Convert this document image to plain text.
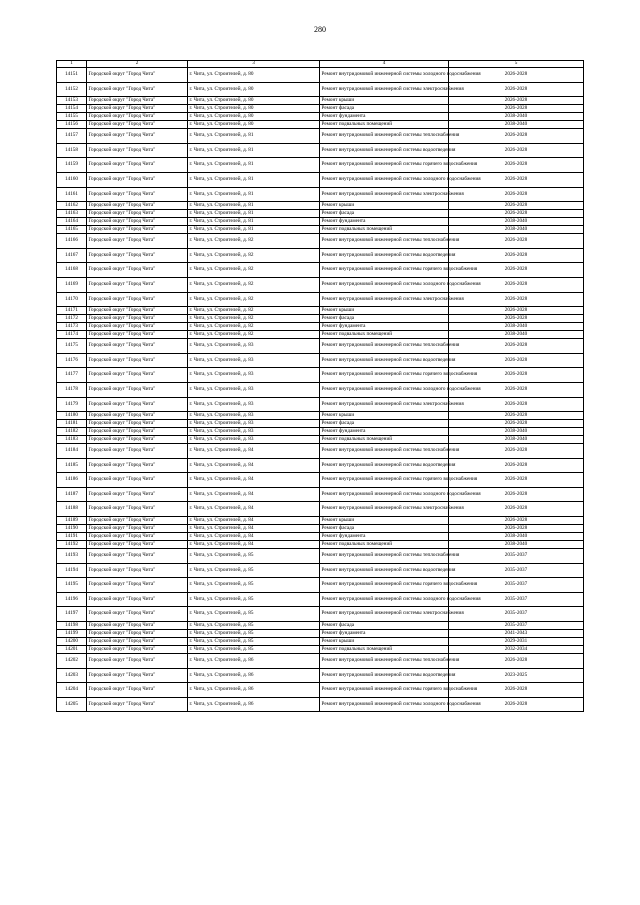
280
1	2	3	4	5
14151	Городской округ "Город Чита"	г. Чита, ул. Строителей, д. 80	Ремонт внутридомовой инженерной системы холодного водоснабжения	2026-2028
14152	Городской округ "Город Чита"	г. Чита, ул. Строителей, д. 80	Ремонт внутридомовой инженерной системы электроснабжения	2026-2028
14153	Городской округ "Город Чита"	г. Чита, ул. Строителей, д. 80	Ремонт крыши	2026-2028
14154	Городской округ "Город Чита"	г. Чита, ул. Строителей, д. 80	Ремонт фасада	2026-2028
14155	Городской округ "Город Чита"	г. Чита, ул. Строителей, д. 80	Ремонт фундамента	2038-2040
14156	Городской округ "Город Чита"	г. Чита, ул. Строителей, д. 80	Ремонт подвальных помещений	2038-2040
14157	Городской округ "Город Чита"	г. Чита, ул. Строителей, д. 81	Ремонт внутридомовой инженерной системы теплоснабжения	2026-2028
14158	Городской округ "Город Чита"	г. Чита, ул. Строителей, д. 81	Ремонт внутридомовой инженерной системы водоотведения	2026-2028
14159	Городской округ "Город Чита"	г. Чита, ул. Строителей, д. 81	Ремонт внутридомовой инженерной системы горячего водоснабжения	2026-2028
14160	Городской округ "Город Чита"	г. Чита, ул. Строителей, д. 81	Ремонт внутридомовой инженерной системы холодного водоснабжения	2026-2028
14161	Городской округ "Город Чита"	г. Чита, ул. Строителей, д. 81	Ремонт внутридомовой инженерной системы электроснабжения	2026-2028
14162	Городской округ "Город Чита"	г. Чита, ул. Строителей, д. 81	Ремонт крыши	2026-2028
14163	Городской округ "Город Чита"	г. Чита, ул. Строителей, д. 81	Ремонт фасада	2026-2028
14164	Городской округ "Город Чита"	г. Чита, ул. Строителей, д. 81	Ремонт фундамента	2038-2040
14165	Городской округ "Город Чита"	г. Чита, ул. Строителей, д. 81	Ремонт подвальных помещений	2038-2040
14166	Городской округ "Город Чита"	г. Чита, ул. Строителей, д. 82	Ремонт внутридомовой инженерной системы теплоснабжения	2026-2028
14167	Городской округ "Город Чита"	г. Чита, ул. Строителей, д. 82	Ремонт внутридомовой инженерной системы водоотведения	2026-2028
14168	Городской округ "Город Чита"	г. Чита, ул. Строителей, д. 82	Ремонт внутридомовой инженерной системы горячего водоснабжения	2026-2028
14169	Городской округ "Город Чита"	г. Чита, ул. Строителей, д. 82	Ремонт внутридомовой инженерной системы холодного водоснабжения	2026-2028
14170	Городской округ "Город Чита"	г. Чита, ул. Строителей, д. 82	Ремонт внутридомовой инженерной системы электроснабжения	2026-2028
14171	Городской округ "Город Чита"	г. Чита, ул. Строителей, д. 82	Ремонт крыши	2026-2028
14172	Городской округ "Город Чита"	г. Чита, ул. Строителей, д. 82	Ремонт фасада	2026-2028
14173	Городской округ "Город Чита"	г. Чита, ул. Строителей, д. 82	Ремонт фундамента	2038-2040
14174	Городской округ "Город Чита"	г. Чита, ул. Строителей, д. 82	Ремонт подвальных помещений	2038-2040
14175	Городской округ "Город Чита"	г. Чита, ул. Строителей, д. 83	Ремонт внутридомовой инженерной системы теплоснабжения	2026-2028
14176	Городской округ "Город Чита"	г. Чита, ул. Строителей, д. 83	Ремонт внутридомовой инженерной системы водоотведения	2026-2028
14177	Городской округ "Город Чита"	г. Чита, ул. Строителей, д. 83	Ремонт внутридомовой инженерной системы горячего водоснабжения	2026-2028
14178	Городской округ "Город Чита"	г. Чита, ул. Строителей, д. 83	Ремонт внутридомовой инженерной системы холодного водоснабжения	2026-2028
14179	Городской округ "Город Чита"	г. Чита, ул. Строителей, д. 83	Ремонт внутридомовой инженерной системы электроснабжения	2026-2028
14180	Городской округ "Город Чита"	г. Чита, ул. Строителей, д. 83	Ремонт крыши	2026-2028
14181	Городской округ "Город Чита"	г. Чита, ул. Строителей, д. 83	Ремонт фасада	2026-2028
14182	Городской округ "Город Чита"	г. Чита, ул. Строителей, д. 83	Ремонт фундамента	2038-2040
14183	Городской округ "Город Чита"	г. Чита, ул. Строителей, д. 83	Ремонт подвальных помещений	2038-2040
14184	Городской округ "Город Чита"	г. Чита, ул. Строителей, д. 84	Ремонт внутридомовой инженерной системы теплоснабжения	2026-2028
14185	Городской округ "Город Чита"	г. Чита, ул. Строителей, д. 84	Ремонт внутридомовой инженерной системы водоотведения	2026-2028
14186	Городской округ "Город Чита"	г. Чита, ул. Строителей, д. 84	Ремонт внутридомовой инженерной системы горячего водоснабжения	2026-2028
14187	Городской округ "Город Чита"	г. Чита, ул. Строителей, д. 84	Ремонт внутридомовой инженерной системы холодного водоснабжения	2026-2028
14188	Городской округ "Город Чита"	г. Чита, ул. Строителей, д. 84	Ремонт внутридомовой инженерной системы электроснабжения	2026-2028
14189	Городской округ "Город Чита"	г. Чита, ул. Строителей, д. 84	Ремонт крыши	2026-2028
14190	Городской округ "Город Чита"	г. Чита, ул. Строителей, д. 84	Ремонт фасада	2026-2028
14191	Городской округ "Город Чита"	г. Чита, ул. Строителей, д. 84	Ремонт фундамента	2038-2040
14192	Городской округ "Город Чита"	г. Чита, ул. Строителей, д. 84	Ремонт подвальных помещений	2038-2040
14193	Городской округ "Город Чита"	г. Чита, ул. Строителей, д. 85	Ремонт внутридомовой инженерной системы теплоснабжения	2035-2037
14194	Городской округ "Город Чита"	г. Чита, ул. Строителей, д. 85	Ремонт внутридомовой инженерной системы водоотведения	2035-2037
14195	Городской округ "Город Чита"	г. Чита, ул. Строителей, д. 85	Ремонт внутридомовой инженерной системы горячего водоснабжения	2035-2037
14196	Городской округ "Город Чита"	г. Чита, ул. Строителей, д. 85	Ремонт внутридомовой инженерной системы холодного водоснабжения	2035-2037
14197	Городской округ "Город Чита"	г. Чита, ул. Строителей, д. 85	Ремонт внутридомовой инженерной системы электроснабжения	2035-2037
14198	Городской округ "Город Чита"	г. Чита, ул. Строителей, д. 85	Ремонт фасада	2035-2037
14199	Городской округ "Город Чита"	г. Чита, ул. Строителей, д. 85	Ремонт фундамента	2041-2043
14200	Городской округ "Город Чита"	г. Чита, ул. Строителей, д. 85	Ремонт крыши	2029-2031
14201	Городской округ "Город Чита"	г. Чита, ул. Строителей, д. 85	Ремонт подвальных помещений	2032-2034
14202	Городской округ "Город Чита"	г. Чита, ул. Строителей, д. 86	Ремонт внутридомовой инженерной системы теплоснабжения	2026-2028
14203	Городской округ "Город Чита"	г. Чита, ул. Строителей, д. 86	Ремонт внутридомовой инженерной системы водоотведения	2023-2025
14204	Городской округ "Город Чита"	г. Чита, ул. Строителей, д. 86	Ремонт внутридомовой инженерной системы горячего водоснабжения	2026-2028
14205	Городской округ "Город Чита"	г. Чита, ул. Строителей, д. 86	Ремонт внутридомовой инженерной системы холодного водоснабжения	2026-2028
